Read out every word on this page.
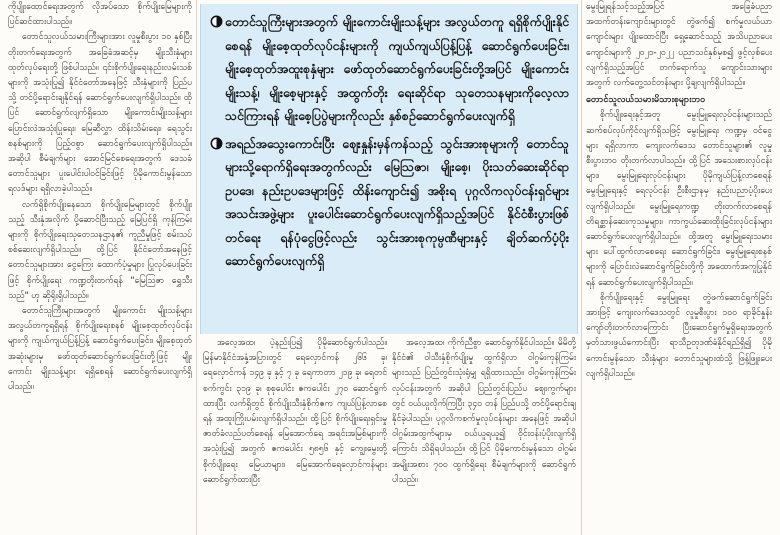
ကိုပျိုးထောင်ရေးအတွက် လိုအပ်သော စိုက်ပျိုးမြေများကို ပြင်ဆင်ထားပါသည်။

တောင်သူလယ်သမားကြီးများအား လူမှုစီးပွား ၁၀ နှစ်ပြီးတိုးတက်ရေးအတွက် အခြေခံအဆင့်မှ မျိုးသီးနှံများ ထုတ်လုပ်ရေးတို့ ဖြစ်ပါသည်။ ၎င်းစိုက်ပျိုးရေးနည်းလမ်းသစ်များကို အသုံးပြု၍ နိုင်ငံတော်အနေဖြင့် သီးနှံများကို ပြည်ပသို့ တင်ပို့ရောင်းချနိုင်ရန် ဆောင်ရွက်ပေးလျက်ရှိပါသည်။ ထိုပြင် ဆောင်ရွက်လျက်ရှိသော မျိုးကောင်းမျိုးသန့်များ ပြောင်းလဲအသုံးပြုရေး၊ မြေဆီလွှာ ထိန်းသိမ်းရေး၊ ရေသွင်းစနစ်များကို ပြည့်ဝစွာ ဆောင်ရွက်ပေးလျက်ရှိပါသည်။ အဆိုပါ စီမံချက်များ အောင်မြင်စေရေးအတွက် ဒေသခံ တောင်သူများ ပူးပေါင်းပါဝင်ခြင်းဖြင့် ပိုမိုကောင်းမွန်သော ရလဒ်များ ရရှိလာခဲ့ပါသည်။

လက်ရှိစိုက်ပျိုးနေသော စိုက်ပျိုးမြေများတွင် စိုက်ပျိုးသည့် သီးနှံအလိုက် ပို့ဆောင်ပြီးသည့် မြေပြင်ရှိ ကုန်ကြမ်းများကို စိုက်ပျိုးရေးသုတေသနဌာန၏ ကူညီမှုဖြင့် စမ်းသပ်စစ်ဆေးလျက်ရှိပါသည်။ ထို့ပြင် နိုင်ငံတော်အနေဖြင့် တောင်သူများအား ငွေကြေး ထောက်ပံ့မှုများ ပြုလုပ်ပေးခြင်းဖြင့် စိုက်ပျိုးရေး ကဏ္ဍတိုးတက်ရန် "မြေဩဇာ ရွှေသီးသည်" ဟု ဆိုရိုးရှိပါသည်။

တောင်သူကြီးများအတွက် မျိုးကောင်း မျိုးသန့်များ အလွယ်တကူရရှိရန် စိုက်ပျိုးရေးစနစ် မျိုးစေ့ထုတ်လုပ်ငန်းများကို ကျယ်ကျယ်ပြန့်ပြန့် ဆောင်ရွက်ပေးခြင်း၊ မျိုးစေ့ထုတ်အဆုံးများမှ ဖော်ထုတ်ဆောင်ရွက်ပေးခြင်းတို့ဖြင့် မျိုးကောင်း မျိုးသန့်များ ရရှိစေရန် ဆောင်ရွက်ပေးလျက်ရှိပါသည်။

တောင်သူကြီးများအတွက် မျိုးကောင်းမျိုးသန့်များ အလွယ်တကူ ရရှိစိုက်ပျိုးနိုင်စေရန် မျိုးစေ့ထုတ်လုပ်ငန်းများကို ကျယ်ကျယ်ပြန့်ပြန့် ဆောင်ရွက်ပေးခြင်း၊ မျိုးစေ့ထုတ်အထူးစုနှံများ ဖော်ထုတ်ဆောင်ရွက်ပေးခြင်းတို့အပြင် မျိုးကောင်း မျိုးသန့်၊ မျိုးစေ့များနှင့် အထွက်တိုး ရေးဆိုင်ရာ သုတေသနများကိုလေ့လာသင်ကြားရန် မျိုးစေ့ပြပွဲများကိုလည်း နှစ်စဉ်ဆောင်ရွက်ပေးလျက်ရှိ
အရည်အသွေးကောင်းပြီး ဈေးနှုန်းမှန်ကန်သည့် သွင်းအားစုများကို တောင်သူများသို့ရောက်ရှိရေးအတွက်လည်း မြေဩဇာ၊ မျိုးစေ့၊ ပိုးသတ်ဆေးဆိုင်ရာ ဥပဒေ၊ နည်းဥပဒေများဖြင့် ထိန်းကျောင်း၍ အစိုးရ ပုဂ္ဂလိကလုပ်ငန်းရှင်များ အသင်းအဖွဲ့များ ပူးပေါင်းဆောင်ရွက်ပေးလျက်ရှိသည့်အပြင် နိုင်ငံစီးပွားဖြစ်တင်ရေး ရန်ပုံငွေဖြင့်လည်း သွင်းအားစုကုမ္ပဏီများနှင့် ချိတ်ဆက်ပံ့ပိုးဆောင်ရွက်ပေးလျက်ရှိ

အလေ့အထ၊ ပဲ့နည်းပြ၍ ပိုမိုဆောင်ရွက်ပါသည်။ မြန်မာနိုင်ငံအနှံ့အပြားတွင် ရေလှောင်ကန် ၂၆၆ ခု၊ ရေလှောင်ကန် ၁၄၉ ခု နှင့် ၇ ခု ရေကာတာ ၂၁၉ ခု၊ ရေတင်စက်ကွင်း ၃၁၉ ခု၊ စုစုပေါင်း ဧကပေါင်း ၂၇၀ ဆောင်ရွက်ထားပြီး လက်ရှိတွင် စိုက်ပျိုးသီးနှံစိုက်ဧက ကျယ်ပြန့်လာစေရန် အထူးကြိုးပမ်းလျက်ရှိပါသည်။ ထို့ပြင် စိုက်ပျိုးရေးရှင်းမှု ဇာတ်ခံလည်ပတ်စေရန် မြေအောက်ရေ အရင်းအမြစ်များကို အသုံးပြု၍ အတွက် ဧကပေါင်း ၅၈၅၆ နှင့် ကျွေးမွေးတို့ စိုက်ပျိုးရေး မြေယာများ၊ မြေအောက်ရေလှောင်ကန်များ ဆောင်ရွက်ထားပြီး

အလေ့အထ၊ ကိုက်ညီစွာ ဆောင်ရွက်နိုင်ပါသည်။ မိမိတို့နိုင်ငံ၏ ဝါသီးနှံစိုက်ပျိုးမှု ထွက်ရှိလာ ဝါဂွမ်းကုန်ကြမ်းများသည် ပြည်တွင်းသုံးရုံမျှ ရရှိထားသည်။ ဝါဂွမ်းကုန်ကြမ်း လုပ်ငန်းအတွက် အဆိုပါ ပြည်တွင်းပြည်ပ ဈေးကွက်များတွင် ဝယ်ယူလိုက်ကြပြီး ၃၄၀ တန် ပြည်ပသို့ တင်ပို့ရောင်းချနိုင်ခဲ့ပါသည်။ ပုဂ္ဂလိကစက်မှုလုပ်ငန်းများ အနေဖြင့် အဆိုပါ ဝါဂွမ်းအထွက်များမှ ဝယ်ယူရယူ၍ ဝိုင်းဝန်းပံ့ပိုးလျက်ရှိကြောင်း သိရှိရပါသည်။ ထို့ပြင် ပိုမိုကောင်းမွန်သော ဝါဂွမ်းအမျိုးအစား ၇၀၀ ထွက်ရှိရေး စီမံချက်များကို ဆောင်ရွက်ပါသည်။

မွေးမြူရန်သင့်သည့်အပြင် အခြေခံပညာအထက်တန်းကျောင်းများတွင် တွဲဖက်၍ စက်မှုလယ်ယာ ကျောင်းများ ပျိုးထောင်ပြီး ရှေ့ဆောင်သည့် အသိပညာပေးကျောင်းများကို ၂၀၂၁-၂၀၂၂ ပညာသင်နှစ်မှစ၍ ဖွင့်လှစ်ပေးလျက်ရှိသည့်အပြင် တက်ရောက်သူ ကျောင်းသားများအတွက် လက်တွေ့သင်တန်းများ ပို့ချလျက်ရှိပါသည်။

တောင်သူလယ်သမားမိသားစုများဘဝ

စိုက်ပျိုးရေးနှင့်အတူ မွေးမြူရေးလုပ်ငန်းများသည် ဆက်စပ်လုပ်ကိုင်လျက်ရှိသဖြင့် မွေးမြူရေး ကဏ္ဍမှ ဝင်ငွေများ ရရှိလာကာ ကျေးလက်ဒေသ တောင်သူများ၏ လူမှုစီးပွားဘဝ တိုးတက်လာပါသည်။ ထို့ပြင် အသေးစားလုပ်ငန်းများ၊ မွေးမြူရေးလုပ်ငန်းများ ပိုမိုကျယ်ပြန့်လာစေရန် မွေးမြူရေးနှင့် ရေလုပ်ငန်း ဦးစီးဌာနမှ နည်းပညာပံ့ပိုးပေးလျက်ရှိပါသည်။ မွေးမြူရေးကဏ္ဍ တိုးတက်လာစေရန် တိရစ္ဆာန်ဆေးကုသမှုများ၊ ကာကွယ်ဆေးထိုးခြင်းလုပ်ငန်းများ ဆောင်ရွက်ပေးလျက်ရှိပါသည်။ ထို့အတူ မွေးမြူရေးသမားများ ပေါ်ထွက်လာစေရေး ဆောင်ရွက်ခြင်း၊ မွေးမြူရေးစနစ်များကို ပြောင်းလဲဆောင်ရွက်ခြင်းတို့ကို အထောက်အကူပြုနိုင်ရန် ဆောင်ရွက်ပေးလျက်ရှိပါသည်။

စိုက်ပျိုးရေးနှင့် မွေးမြူရေး တွဲဖက်ဆောင်ရွက်ခြင်းအားဖြင့် ကျေးလက်ဒေသတွင် လူမှုစီးပွား ၁၀၀ ရာခိုင်နှုန်း ကျော်တိုးတက်လာကြောင်း ပြီးဆောင်ရွက်မှုရှိရေးအတွက် မှတ်သားဖွယ်ကောင်းပြီး ရာသီဥတုဒဏ်ခံနိုင်ရည်ရှိ၍ ပိုမိုကောင်းမွန်သော သီးနှံများ တောင်သူများထံသို့ ဖြန့်ဖြူးပေးလျက်ရှိပါသည်။
